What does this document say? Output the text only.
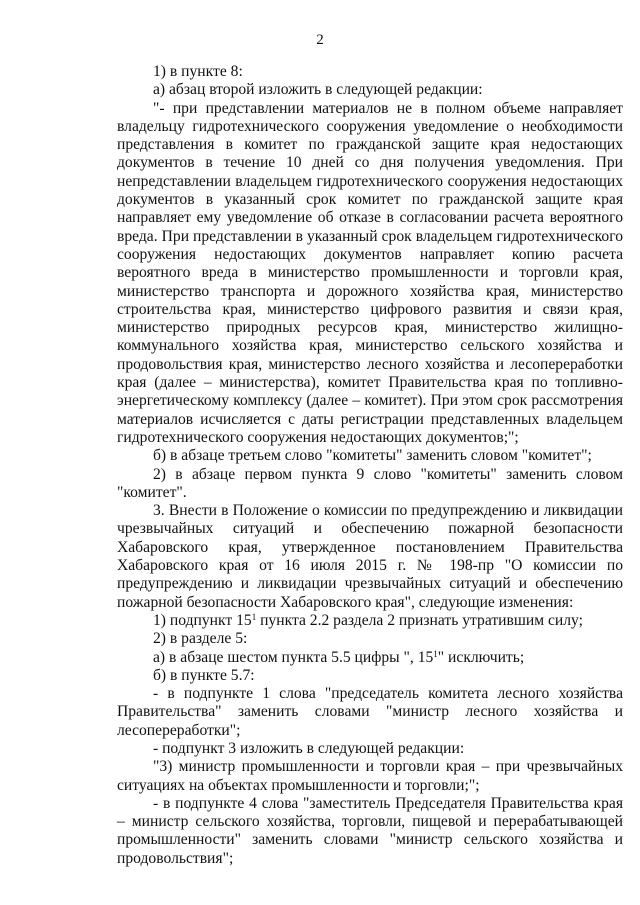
2

1) в пункте 8:

а) абзац второй изложить в следующей редакции:

"- при представлении материалов не в полном объеме направляет владельцу гидротехнического сооружения уведомление о необходимости представления в комитет по гражданской защите края недостающих документов в течение 10 дней со дня получения уведомления. При непредставлении владельцем гидротехнического сооружения недостающих документов в указанный срок комитет по гражданской защите края направляет ему уведомление об отказе в согласовании расчета вероятного вреда. При представлении в указанный срок владельцем гидротехнического сооружения недостающих документов направляет копию расчета вероятного вреда в министерство промышленности и торговли края, министерство транспорта и дорожного хозяйства края, министерство строительства края, министерство цифрового развития и связи края, министерство природных ресурсов края, министерство жилищно-коммунального хозяйства края, министерство сельского хозяйства и продовольствия края, министерство лесного хозяйства и лесопереработки края (далее – министерства), комитет Правительства края по топливно-энергетическому комплексу (далее – комитет). При этом срок рассмотрения материалов исчисляется с даты регистрации представленных владельцем гидротехнического сооружения недостающих документов;";

б) в абзаце третьем слово "комитеты" заменить словом "комитет";

2) в абзаце первом пункта 9 слово "комитеты" заменить словом "комитет".

3. Внести в Положение о комиссии по предупреждению и ликвидации чрезвычайных ситуаций и обеспечению пожарной безопасности Хабаровского края, утвержденное постановлением Правительства Хабаровского края от 16 июля 2015 г. № 198-пр "О комиссии по предупреждению и ликвидации чрезвычайных ситуаций и обеспечению пожарной безопасности Хабаровского края", следующие изменения:

1) подпункт $15^1$ пункта 2.2 раздела 2 признать утратившим силу;

2) в разделе 5:

а) в абзаце шестом пункта 5.5 цифры ", $15^1$" исключить;

б) в пункте 5.7:

- в подпункте 1 слова "председатель комитета лесного хозяйства Правительства" заменить словами "министр лесного хозяйства и лесопереработки";

- подпункт 3 изложить в следующей редакции:

"3) министр промышленности и торговли края – при чрезвычайных ситуациях на объектах промышленности и торговли;";

- в подпункте 4 слова "заместитель Председателя Правительства края – министр сельского хозяйства, торговли, пищевой и перерабатывающей промышленности" заменить словами "министр сельского хозяйства и продовольствия";
